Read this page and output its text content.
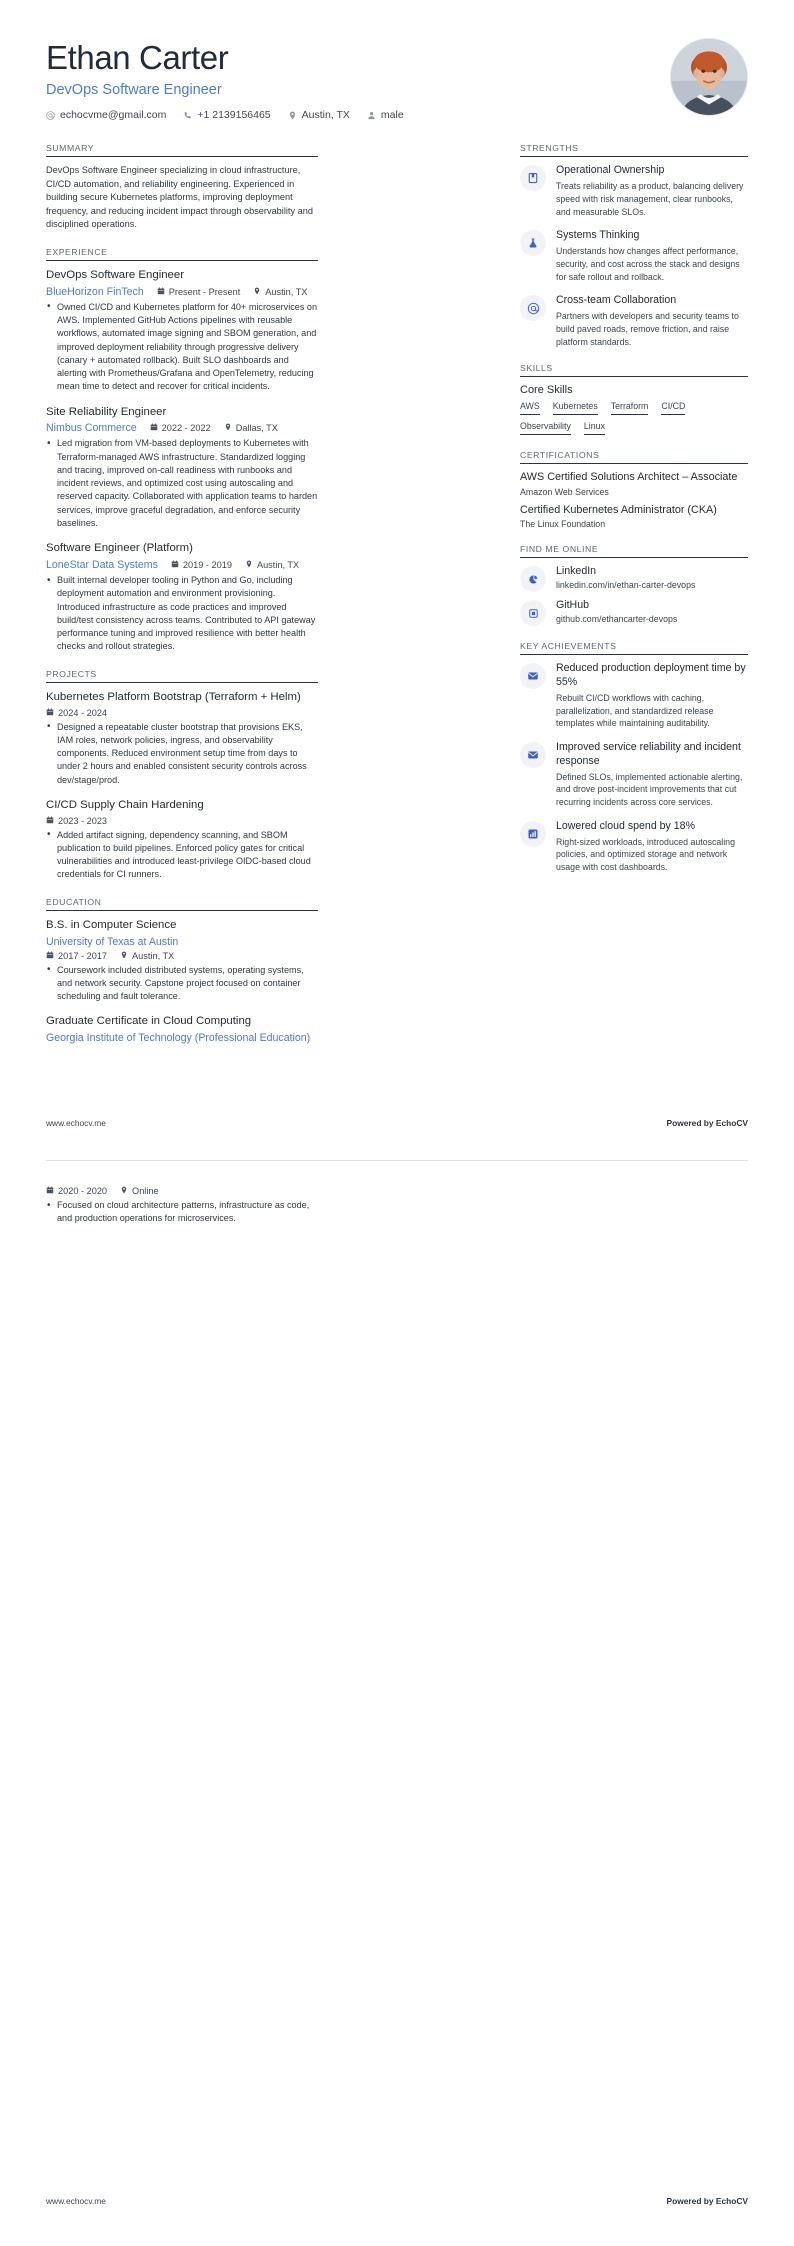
Ethan Carter
DevOps Software Engineer
echocvme@gmail.com	+1 2139156465	Austin, TX	male
SUMMARY
DevOps Software Engineer specializing in cloud infrastructure, CI/CD automation, and reliability engineering. Experienced in building secure Kubernetes platforms, improving deployment frequency, and reducing incident impact through observability and disciplined operations.
EXPERIENCE
DevOps Software Engineer
BlueHorizon FinTech	Present - Present	Austin, TX
• Owned CI/CD and Kubernetes platform for 40+ microservices on AWS. Implemented GitHub Actions pipelines with reusable workflows, automated image signing and SBOM generation, and improved deployment reliability through progressive delivery (canary + automated rollback). Built SLO dashboards and alerting with Prometheus/Grafana and OpenTelemetry, reducing mean time to detect and recover for critical incidents.
Site Reliability Engineer
Nimbus Commerce	2022 - 2022	Dallas, TX
• Led migration from VM-based deployments to Kubernetes with Terraform-managed AWS infrastructure. Standardized logging and tracing, improved on-call readiness with runbooks and incident reviews, and optimized cost using autoscaling and reserved capacity. Collaborated with application teams to harden services, improve graceful degradation, and enforce security baselines.
Software Engineer (Platform)
LoneStar Data Systems	2019 - 2019	Austin, TX
• Built internal developer tooling in Python and Go, including deployment automation and environment provisioning. Introduced infrastructure as code practices and improved build/test consistency across teams. Contributed to API gateway performance tuning and improved resilience with better health checks and rollout strategies.
PROJECTS
Kubernetes Platform Bootstrap (Terraform + Helm)
2024 - 2024
• Designed a repeatable cluster bootstrap that provisions EKS, IAM roles, network policies, ingress, and observability components. Reduced environment setup time from days to under 2 hours and enabled consistent security controls across dev/stage/prod.
CI/CD Supply Chain Hardening
2023 - 2023
• Added artifact signing, dependency scanning, and SBOM publication to build pipelines. Enforced policy gates for critical vulnerabilities and introduced least-privilege OIDC-based cloud credentials for CI runners.
EDUCATION
B.S. in Computer Science
University of Texas at Austin
2017 - 2017	Austin, TX
• Coursework included distributed systems, operating systems, and network security. Capstone project focused on container scheduling and fault tolerance.
Graduate Certificate in Cloud Computing
Georgia Institute of Technology (Professional Education)
STRENGTHS
Operational Ownership
Treats reliability as a product, balancing delivery speed with risk management, clear runbooks, and measurable SLOs.
Systems Thinking
Understands how changes affect performance, security, and cost across the stack and designs for safe rollout and rollback.
Cross-team Collaboration
Partners with developers and security teams to build paved roads, remove friction, and raise platform standards.
SKILLS
Core Skills
AWS Kubernetes Terraform CI/CD
Observability Linux
CERTIFICATIONS
AWS Certified Solutions Architect – Associate
Amazon Web Services
Certified Kubernetes Administrator (CKA)
The Linux Foundation
FIND ME ONLINE
LinkedIn
linkedin.com/in/ethan-carter-devops
GitHub
github.com/ethancarter-devops
KEY ACHIEVEMENTS
Reduced production deployment time by 55%
Rebuilt CI/CD workflows with caching, parallelization, and standardized release templates while maintaining auditability.
Improved service reliability and incident response
Defined SLOs, implemented actionable alerting, and drove post-incident improvements that cut recurring incidents across core services.
Lowered cloud spend by 18%
Right-sized workloads, introduced autoscaling policies, and optimized storage and network usage with cost dashboards.
www.echocv.me	Powered by EchoCV
2020 - 2020	Online
• Focused on cloud architecture patterns, infrastructure as code, and production operations for microservices.
www.echocv.me	Powered by EchoCV
